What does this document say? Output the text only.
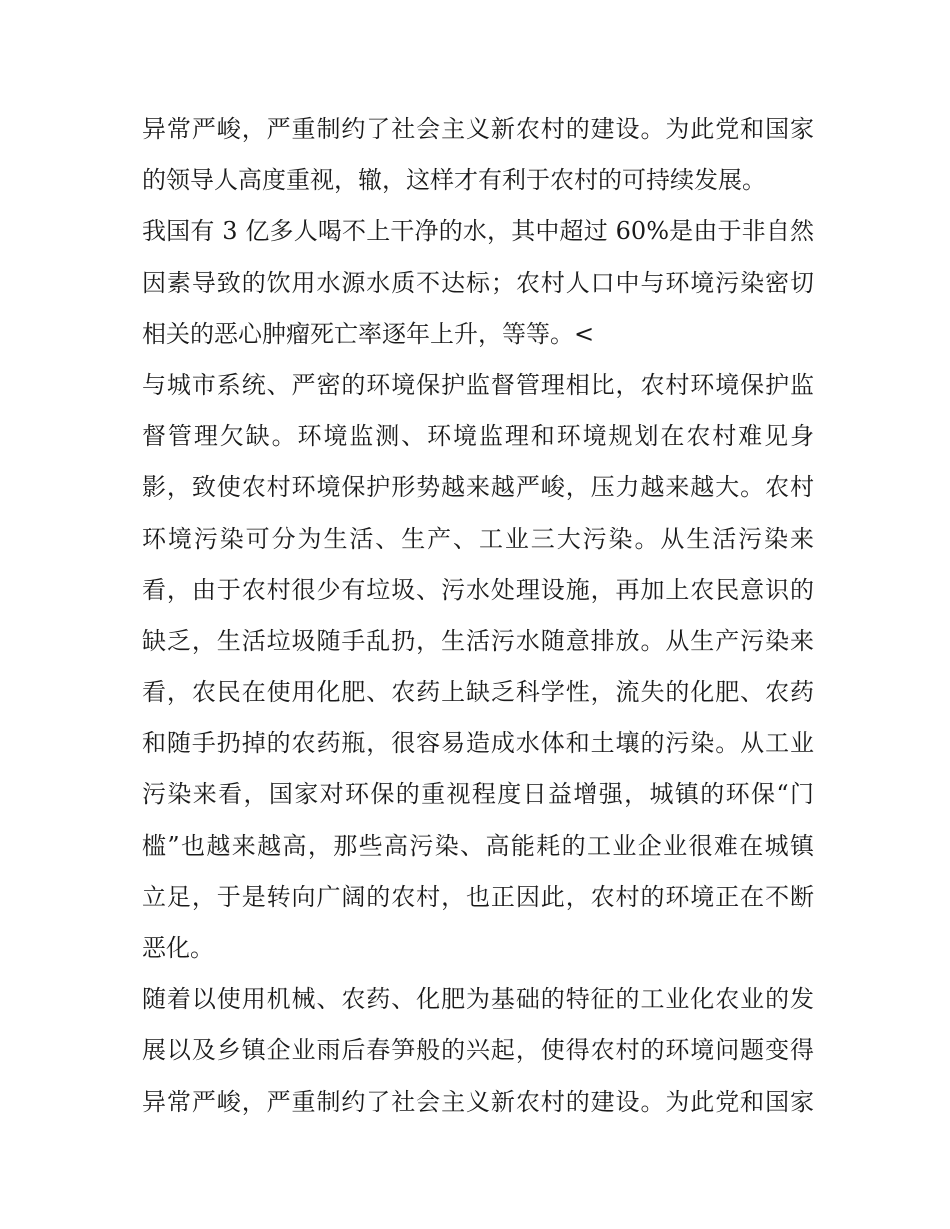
异常严峻，严重制约了社会主义新农村的建设。为此党和国家
的领导人高度重视，辙，这样才有利于农村的可持续发展。
我国有 3 亿多人喝不上干净的水，其中超过 60%是由于非自然
因素导致的饮用水源水质不达标；农村人口中与环境污染密切
相关的恶心肿瘤死亡率逐年上升，等等。<
与城市系统、严密的环境保护监督管理相比，农村环境保护监
督管理欠缺。环境监测、环境监理和环境规划在农村难见身
影，致使农村环境保护形势越来越严峻，压力越来越大。农村
环境污染可分为生活、生产、工业三大污染。从生活污染来
看，由于农村很少有垃圾、污水处理设施，再加上农民意识的
缺乏，生活垃圾随手乱扔，生活污水随意排放。从生产污染来
看，农民在使用化肥、农药上缺乏科学性，流失的化肥、农药
和随手扔掉的农药瓶，很容易造成水体和土壤的污染。从工业
污染来看，国家对环保的重视程度日益增强，城镇的环保“门
槛”也越来越高，那些高污染、高能耗的工业企业很难在城镇
立足，于是转向广阔的农村，也正因此，农村的环境正在不断
恶化。
随着以使用机械、农药、化肥为基础的特征的工业化农业的发
展以及乡镇企业雨后春笋般的兴起，使得农村的环境问题变得
异常严峻，严重制约了社会主义新农村的建设。为此党和国家
